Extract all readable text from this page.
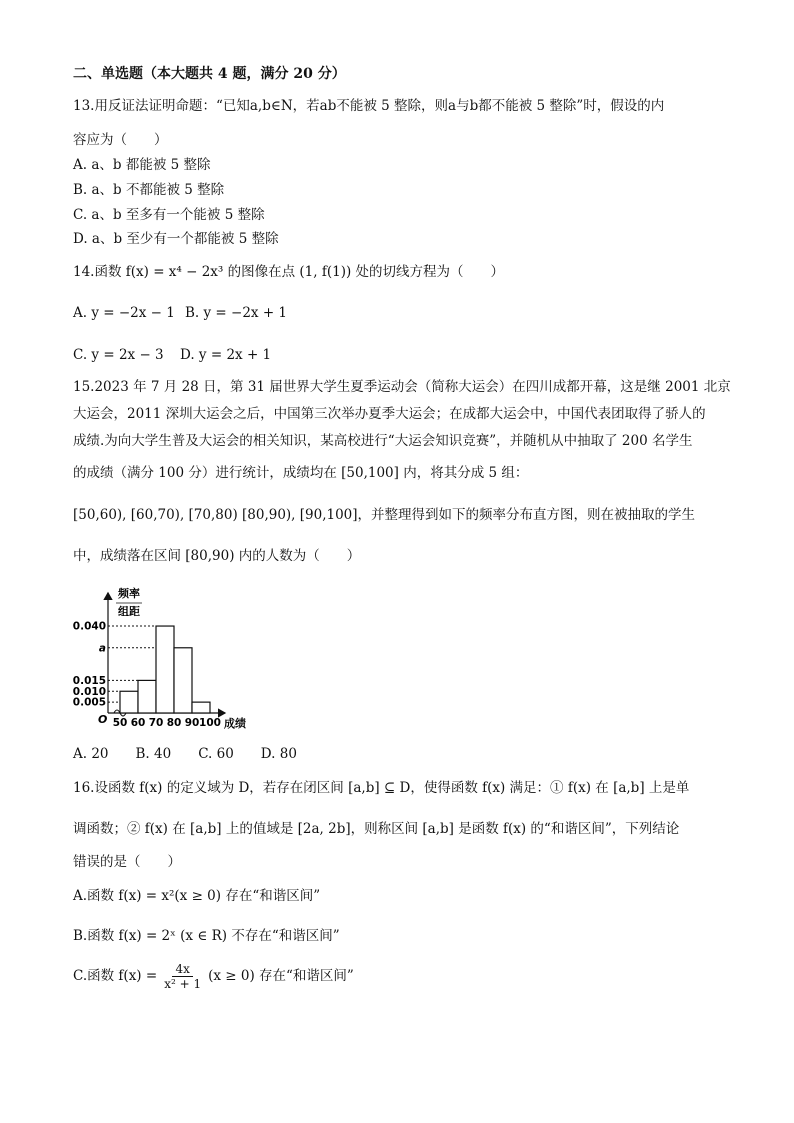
二、单选题（本大题共 4 题，满分 20 分）
13.用反证法证明命题：“已知a,b∈N，若ab不能被 5 整除，则a与b都不能被 5 整除”时，假设的内
容应为（　　）
A. a、b 都能被 5 整除
B. a、b 不都能被 5 整除
C. a、b 至多有一个能被 5 整除
D. a、b 至少有一个都能被 5 整除
14.函数 f(x) = x⁴ − 2x³ 的图像在点 (1, f(1)) 处的切线方程为（　　）
A. y = −2x − 1 B. y = −2x + 1
C. y = 2x − 3 D. y = 2x + 1
15.2023 年 7 月 28 日，第 31 届世界大学生夏季运动会（简称大运会）在四川成都开幕，这是继 2001 北京
大运会，2011 深圳大运会之后，中国第三次举办夏季大运会；在成都大运会中，中国代表团取得了骄人的
成绩.为向大学生普及大运会的相关知识，某高校进行“大运会知识竞赛”，并随机从中抽取了 200 名学生
的成绩（满分 100 分）进行统计，成绩均在 [50,100] 内，将其分成 5 组：
[50,60), [60,70), [70,80) [80,90), [90,100]，并整理得到如下的频率分布直方图，则在被抽取的学生
中，成绩落在区间 [80,90) 内的人数为（　　）
频率
组距
O	成绩
0.040
a
0.015
0.010
0.005
50 60 70 80 90 100
A. 20　　B. 40　　C. 60　　D. 80
16.设函数 f(x) 的定义域为 D，若存在闭区间 [a,b] ⊆ D，使得函数 f(x) 满足：① f(x) 在 [a,b] 上是单
调函数；② f(x) 在 [a,b] 上的值域是 [2a, 2b]，则称区间 [a,b] 是函数 f(x) 的“和谐区间”，下列结论
错误的是（　　）
A.函数 f(x) = x²(x ≥ 0) 存在“和谐区间”
B.函数 f(x) = 2ˣ (x ∈ R) 不存在“和谐区间”
C.函数 $f(x) = \frac{4x}{\text{x² + 1}} (x \ge 0)$ 存在“和谐区间”
